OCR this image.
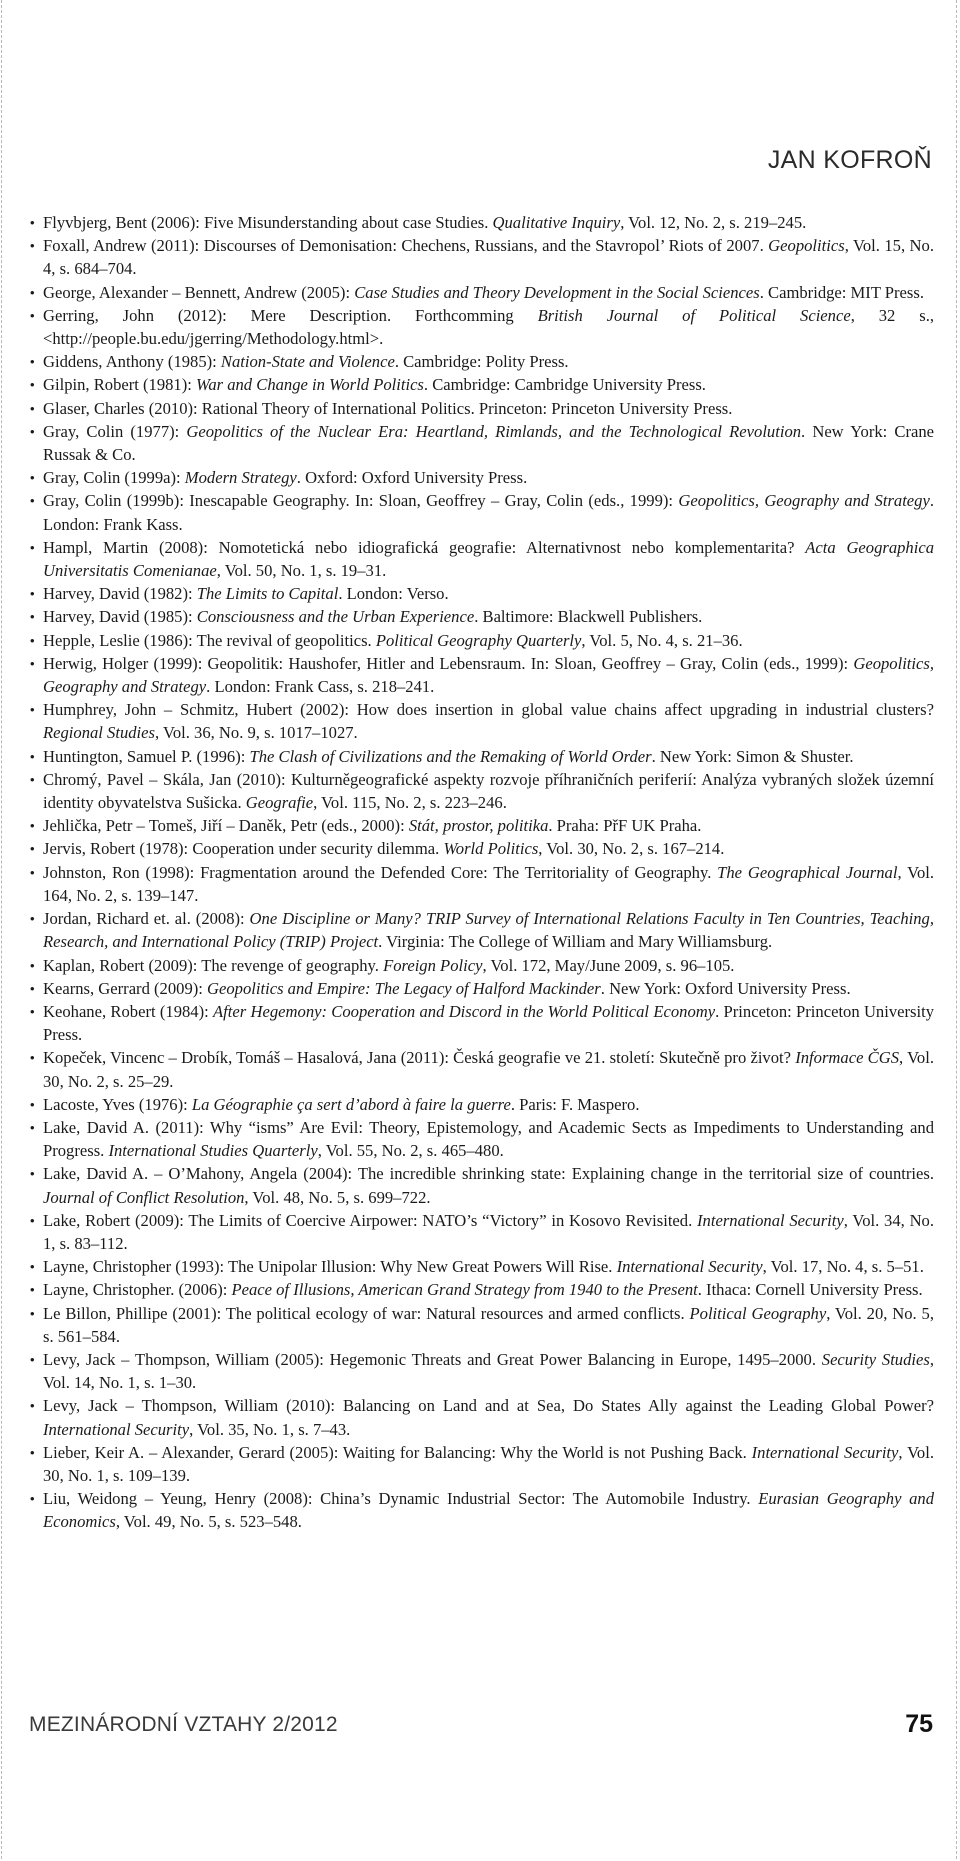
JAN KOFROŇ
• Flyvbjerg, Bent (2006): Five Misunderstanding about case Studies. Qualitative Inquiry, Vol. 12, No. 2, s. 219–245.
• Foxall, Andrew (2011): Discourses of Demonisation: Chechens, Russians, and the Stavropol’ Riots of 2007. Geopolitics, Vol. 15, No. 4, s. 684–704.
• George, Alexander – Bennett, Andrew (2005): Case Studies and Theory Development in the Social Sciences. Cambridge: MIT Press.
• Gerring, John (2012): Mere Description. Forthcomming British Journal of Political Science, 32 s., <http://people.bu.edu/jgerring/Methodology.html>.
• Giddens, Anthony (1985): Nation-State and Violence. Cambridge: Polity Press.
• Gilpin, Robert (1981): War and Change in World Politics. Cambridge: Cambridge University Press.
• Glaser, Charles (2010): Rational Theory of International Politics. Princeton: Princeton University Press.
• Gray, Colin (1977): Geopolitics of the Nuclear Era: Heartland, Rimlands, and the Technological Revolution. New York: Crane Russak & Co.
• Gray, Colin (1999a): Modern Strategy. Oxford: Oxford University Press.
• Gray, Colin (1999b): Inescapable Geography. In: Sloan, Geoffrey – Gray, Colin (eds., 1999): Geopolitics, Geography and Strategy. London: Frank Kass.
• Hampl, Martin (2008): Nomotetická nebo idiografická geografie: Alternativnost nebo komplementarita? Acta Geographica Universitatis Comenianae, Vol. 50, No. 1, s. 19–31.
• Harvey, David (1982): The Limits to Capital. London: Verso.
• Harvey, David (1985): Consciousness and the Urban Experience. Baltimore: Blackwell Publishers.
• Hepple, Leslie (1986): The revival of geopolitics. Political Geography Quarterly, Vol. 5, No. 4, s. 21–36.
• Herwig, Holger (1999): Geopolitik: Haushofer, Hitler and Lebensraum. In: Sloan, Geoffrey – Gray, Colin (eds., 1999): Geopolitics, Geography and Strategy. London: Frank Cass, s. 218–241.
• Humphrey, John – Schmitz, Hubert (2002): How does insertion in global value chains affect upgrading in industrial clusters? Regional Studies, Vol. 36, No. 9, s. 1017–1027.
• Huntington, Samuel P. (1996): The Clash of Civilizations and the Remaking of World Order. New York: Simon & Shuster.
• Chromý, Pavel – Skála, Jan (2010): Kulturněgeografické aspekty rozvoje příhraničních periferií: Analýza vybraných složek územní identity obyvatelstva Sušicka. Geografie, Vol. 115, No. 2, s. 223–246.
• Jehlička, Petr – Tomeš, Jiří – Daněk, Petr (eds., 2000): Stát, prostor, politika. Praha: PřF UK Praha.
• Jervis, Robert (1978): Cooperation under security dilemma. World Politics, Vol. 30, No. 2, s. 167–214.
• Johnston, Ron (1998): Fragmentation around the Defended Core: The Territoriality of Geography. The Geographical Journal, Vol. 164, No. 2, s. 139–147.
• Jordan, Richard et. al. (2008): One Discipline or Many? TRIP Survey of International Relations Faculty in Ten Countries, Teaching, Research, and International Policy (TRIP) Project. Virginia: The College of William and Mary Williamsburg.
• Kaplan, Robert (2009): The revenge of geography. Foreign Policy, Vol. 172, May/June 2009, s. 96–105.
• Kearns, Gerrard (2009): Geopolitics and Empire: The Legacy of Halford Mackinder. New York: Oxford University Press.
• Keohane, Robert (1984): After Hegemony: Cooperation and Discord in the World Political Economy. Princeton: Princeton University Press.
• Kopeček, Vincenc – Drobík, Tomáš – Hasalová, Jana (2011): Česká geografie ve 21. století: Skutečně pro život? Informace ČGS, Vol. 30, No. 2, s. 25–29.
• Lacoste, Yves (1976): La Géographie ça sert d’abord à faire la guerre. Paris: F. Maspero.
• Lake, David A. (2011): Why “isms” Are Evil: Theory, Epistemology, and Academic Sects as Impediments to Understanding and Progress. International Studies Quarterly, Vol. 55, No. 2, s. 465–480.
• Lake, David A. – O’Mahony, Angela (2004): The incredible shrinking state: Explaining change in the territorial size of countries. Journal of Conflict Resolution, Vol. 48, No. 5, s. 699–722.
• Lake, Robert (2009): The Limits of Coercive Airpower: NATO’s “Victory” in Kosovo Revisited. International Security, Vol. 34, No. 1, s. 83–112.
• Layne, Christopher (1993): The Unipolar Illusion: Why New Great Powers Will Rise. International Security, Vol. 17, No. 4, s. 5–51.
• Layne, Christopher. (2006): Peace of Illusions, American Grand Strategy from 1940 to the Present. Ithaca: Cornell University Press.
• Le Billon, Phillipe (2001): The political ecology of war: Natural resources and armed conflicts. Political Geography, Vol. 20, No. 5, s. 561–584.
• Levy, Jack – Thompson, William (2005): Hegemonic Threats and Great Power Balancing in Europe, 1495–2000. Security Studies, Vol. 14, No. 1, s. 1–30.
• Levy, Jack – Thompson, William (2010): Balancing on Land and at Sea, Do States Ally against the Leading Global Power? International Security, Vol. 35, No. 1, s. 7–43.
• Lieber, Keir A. – Alexander, Gerard (2005): Waiting for Balancing: Why the World is not Pushing Back. International Security, Vol. 30, No. 1, s. 109–139.
• Liu, Weidong – Yeung, Henry (2008): China’s Dynamic Industrial Sector: The Automobile Industry. Eurasian Geography and Economics, Vol. 49, No. 5, s. 523–548.
MEZINÁRODNÍ VZTAHY 2/2012	75
